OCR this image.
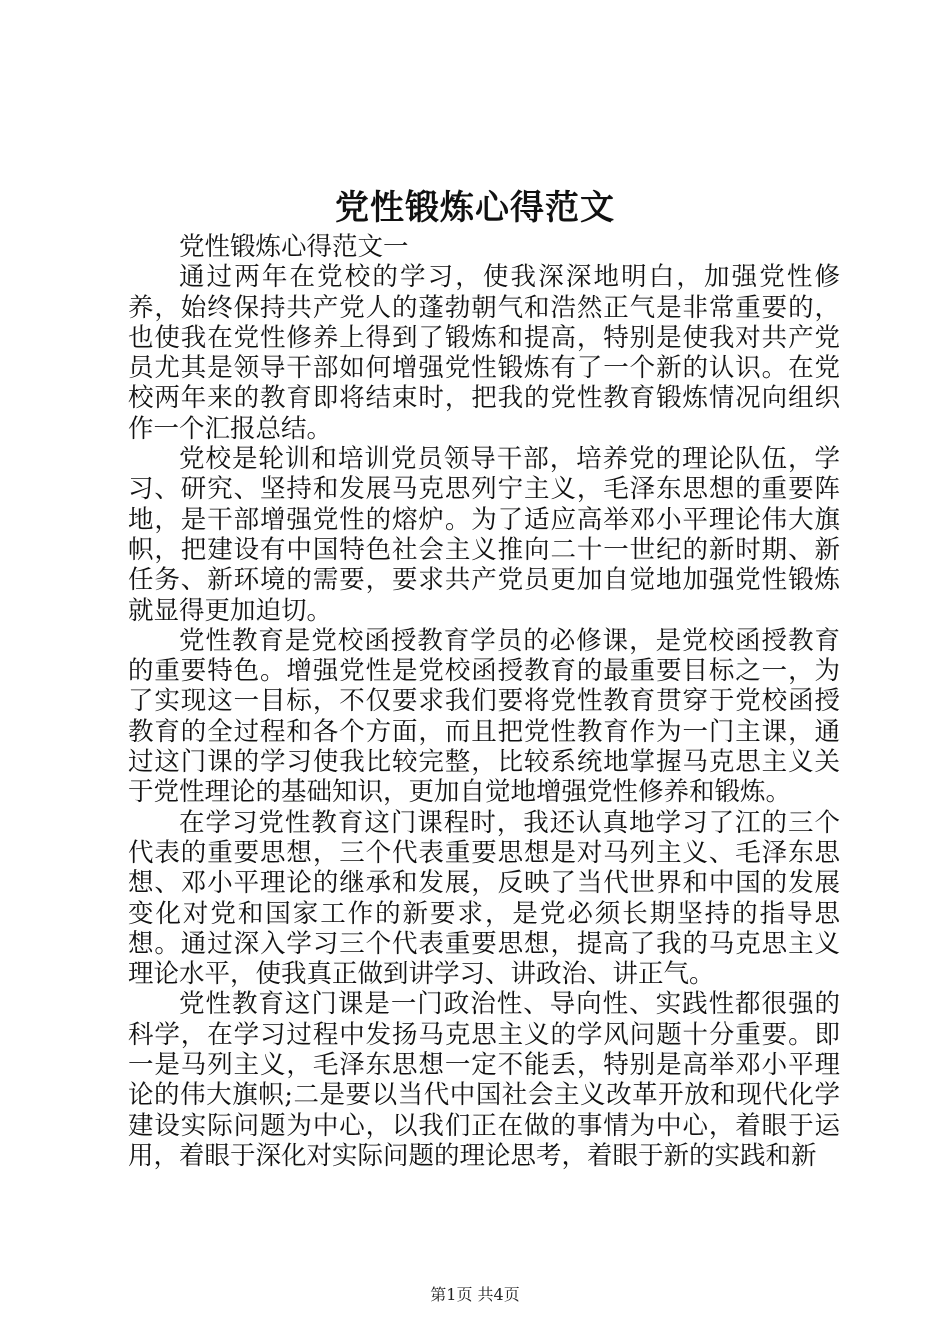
党性锻炼心得范文

党性锻炼心得范文一

通过两年在党校的学习，使我深深地明白，加强党性修养，始终保持共产党人的蓬勃朝气和浩然正气是非常重要的，也使我在党性修养上得到了锻炼和提高，特别是使我对共产党员尤其是领导干部如何增强党性锻炼有了一个新的认识。在党校两年来的教育即将结束时，把我的党性教育锻炼情况向组织作一个汇报总结。

党校是轮训和培训党员领导干部，培养党的理论队伍，学习、研究、坚持和发展马克思列宁主义，毛泽东思想的重要阵地，是干部增强党性的熔炉。为了适应高举邓小平理论伟大旗帜，把建设有中国特色社会主义推向二十一世纪的新时期、新任务、新环境的需要，要求共产党员更加自觉地加强党性锻炼就显得更加迫切。

党性教育是党校函授教育学员的必修课，是党校函授教育的重要特色。增强党性是党校函授教育的最重要目标之一，为了实现这一目标，不仅要求我们要将党性教育贯穿于党校函授教育的全过程和各个方面，而且把党性教育作为一门主课，通过这门课的学习使我比较完整，比较系统地掌握马克思主义关于党性理论的基础知识，更加自觉地增强党性修养和锻炼。

在学习党性教育这门课程时，我还认真地学习了江的三个代表的重要思想，三个代表重要思想是对马列主义、毛泽东思想、邓小平理论的继承和发展，反映了当代世界和中国的发展变化对党和国家工作的新要求，是党必须长期坚持的指导思想。通过深入学习三个代表重要思想，提高了我的马克思主义理论水平，使我真正做到讲学习、讲政治、讲正气。

党性教育这门课是一门政治性、导向性、实践性都很强的科学，在学习过程中发扬马克思主义的学风问题十分重要。即一是马列主义，毛泽东思想一定不能丢，特别是高举邓小平理论的伟大旗帜;二是要以当代中国社会主义改革开放和现代化学建设实际问题为中心，以我们正在做的事情为中心，着眼于运用，着眼于深化对实际问题的理论思考，着眼于新的实践和新

第1页 共4页
